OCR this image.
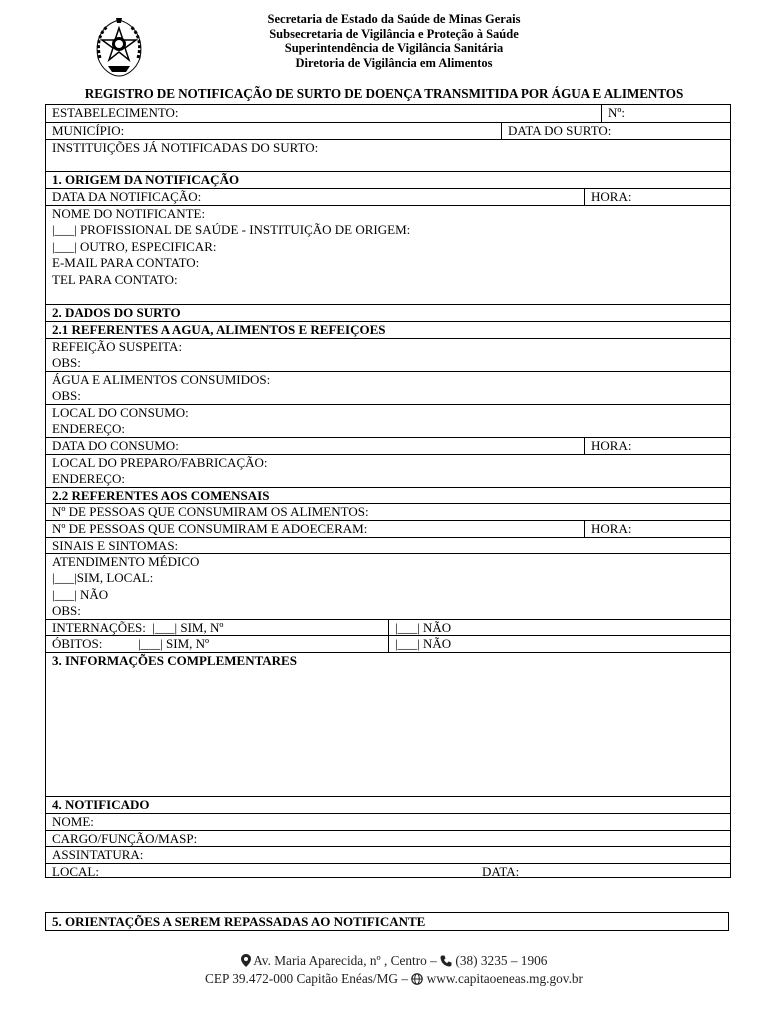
Secretaria de Estado da Saúde de Minas Gerais
Subsecretaria de Vigilância e Proteção à Saúde
Superintendência de Vigilância Sanitária
Diretoria de Vigilância em Alimentos
REGISTRO DE NOTIFICAÇÃO DE SURTO DE DOENÇA TRANSMITIDA POR ÁGUA E ALIMENTOS
ESTABELECIMENTO:	Nº:
MUNICÍPIO:	DATA DO SURTO:
INSTITUIÇÕES JÁ NOTIFICADAS DO SURTO:
1. ORIGEM DA NOTIFICAÇÃO
DATA DA NOTIFICAÇÃO:	HORA:
NOME DO NOTIFICANTE:
|___| PROFISSIONAL DE SAÚDE - INSTITUIÇÃO DE ORIGEM:
|___| OUTRO, ESPECIFICAR:
E-MAIL PARA CONTATO:
TEL PARA CONTATO:
2. DADOS DO SURTO
2.1 REFERENTES A AGUA, ALIMENTOS E REFEIÇOES
REFEIÇÃO SUSPEITA:
OBS:
ÁGUA E ALIMENTOS CONSUMIDOS:
OBS:
LOCAL DO CONSUMO:
ENDEREÇO:
DATA DO CONSUMO:	HORA:
LOCAL DO PREPARO/FABRICAÇÃO:
ENDEREÇO:
2.2 REFERENTES AOS COMENSAIS
Nº DE PESSOAS QUE CONSUMIRAM OS ALIMENTOS:
Nº DE PESSOAS QUE CONSUMIRAM E ADOECERAM:	HORA:
SINAIS E SINTOMAS:
ATENDIMENTO MÉDICO
|___|SIM, LOCAL:
|___| NÃO
OBS:
INTERNAÇÕES:  |___| SIM, Nº	|___| NÃO
ÓBITOS:           |___| SIM, Nº	|___| NÃO
3. INFORMAÇÕES COMPLEMENTARES
4. NOTIFICADO
NOME:
CARGO/FUNÇÃO/MASP:
ASSINTATURA:
LOCAL:	DATA:
5. ORIENTAÇÕES A SEREM REPASSADAS AO NOTIFICANTE
Av. Maria Aparecida, nº , Centro – (38) 3235 – 1906
CEP 39.472-000 Capitão Enéas/MG – www.capitaoeneas.mg.gov.br
